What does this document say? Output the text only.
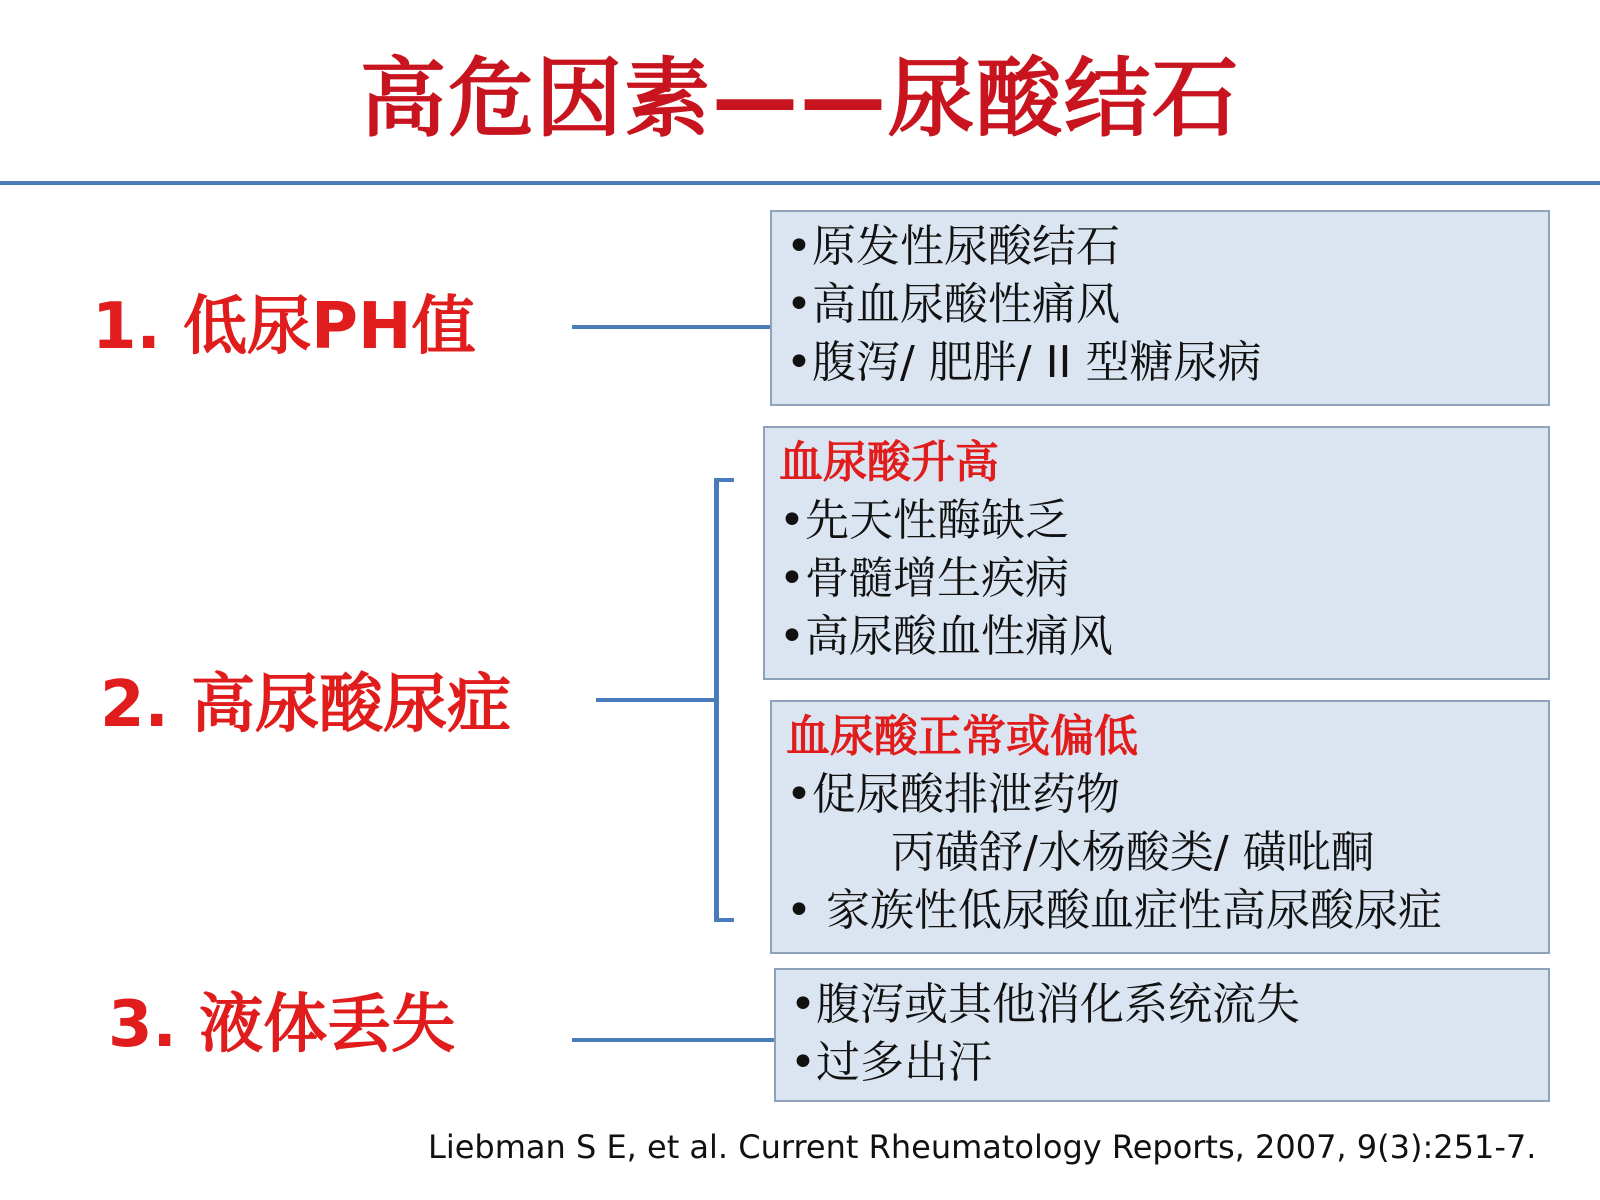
高危因素——尿酸结石
1. 低尿PH值
•原发性尿酸结石
•高血尿酸性痛风
•腹泻/ 肥胖/ II 型糖尿病
2. 高尿酸尿症
血尿酸升高
•先天性酶缺乏
•骨髓增生疾病
•高尿酸血性痛风
血尿酸正常或偏低
•促尿酸排泄药物
丙磺舒/水杨酸类/ 磺吡酮
• 家族性低尿酸血症性高尿酸尿症
3. 液体丢失	•腹泻或其他消化系统流失
•过多出汗
Liebman S E, et al. Current Rheumatology Reports, 2007, 9(3):251-7.
